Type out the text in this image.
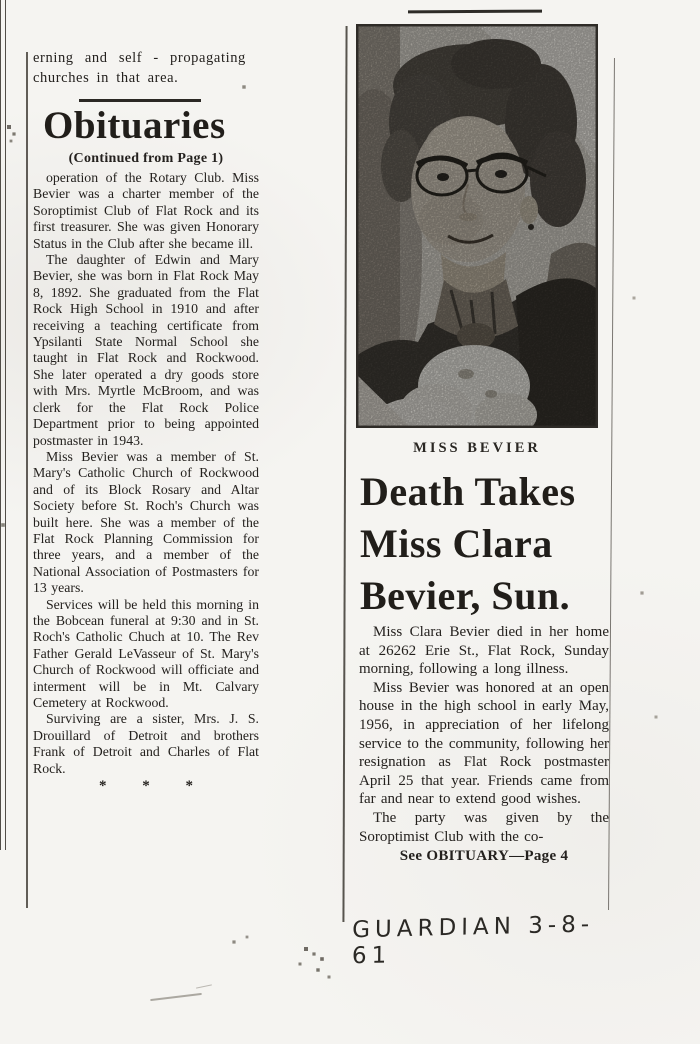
erning and self - propagating
churches in that area.
Obituaries
(Continued from Page 1)

operation of the Rotary Club. Miss Bevier was a charter member of the Soroptimist Club of Flat Rock and its first treasurer. She was given Honorary Status in the Club after she became ill.

The daughter of Edwin and Mary Bevier, she was born in Flat Rock May 8, 1892. She graduated from the Flat Rock High School in 1910 and after receiving a teaching certificate from Ypsilanti State Normal School she taught in Flat Rock and Rockwood. She later operated a dry goods store with Mrs. Myrtle McBroom, and was clerk for the Flat Rock Police Department prior to being appointed postmaster in 1943.

Miss Bevier was a member of St. Mary's Catholic Church of Rockwood and of its Block Rosary and Altar Society before St. Roch's Church was built here. She was a member of the Flat Rock Planning Commission for three years, and a member of the National Association of Postmasters for 13 years.

Services will be held this morning in the Bobcean funeral at 9:30 and in St. Roch's Catholic Chuch at 10. The Rev Father Gerald LeVasseur of St. Mary's Church of Rockwood will officiate and interment will be in Mt. Calvary Cemetery at Rockwood.

Surviving are a sister, Mrs. J. S. Drouillard of Detroit and brothers Frank of Detroit and Charles of Flat Rock.

* * *
MISS BEVIER
Death Takes
Miss Clara
Bevier, Sun.

Miss Clara Bevier died in her home at 26262 Erie St., Flat Rock, Sunday morning, following a long illness.

Miss Bevier was honored at an open house in the high school in early May, 1956, in appreciation of her lifelong service to the community, following her resignation as Flat Rock postmaster April 25 that year. Friends came from far and near to extend good wishes.

The party was given by the Soroptimist Club with the co-

See OBITUARY—Page 4
GUARDIAN 3-8-61
